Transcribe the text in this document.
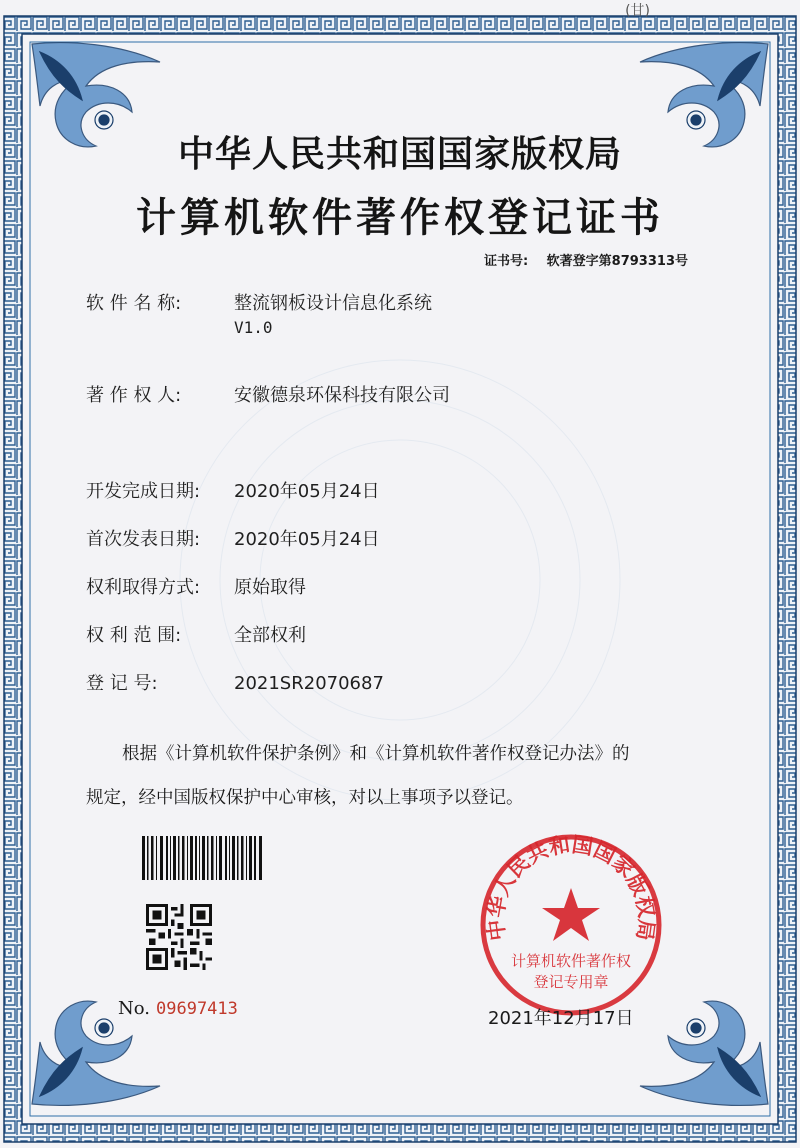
(甘)
中华人民共和国国家版权局
计算机软件著作权登记证书
证书号: 软著登字第8793313号
软 件 名 称:	整流钢板设计信息化系统
V1.0
著 作 权 人:	安徽德泉环保科技有限公司
开发完成日期:	2020年05月24日
首次发表日期:	2020年05月24日
权利取得方式:	原始取得
权 利 范 围:	全部权利
登 记 号:	2021SR2070687
根据《计算机软件保护条例》和《计算机软件著作权登记办法》的
规定，经中国版权保护中心审核，对以上事项予以登记。
No. 09697413
中华人民共和国国家版权局
计算机软件著作权
登记专用章
2021年12月17日
